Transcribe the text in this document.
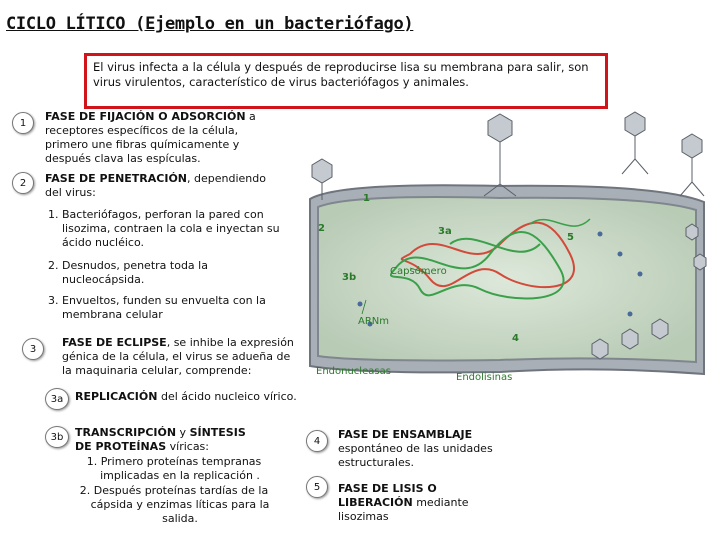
CICLO LÍTICO (Ejemplo en un bacteriófago)
El virus infecta a la célula y después de reproducirse lisa su membrana para salir, son virus virulentos, característico de virus bacteriófagos y animales.
1	FASE DE FIJACIÓN O ADSORCIÓN a receptores específicos de la célula, primero une fibras químicamente y después clava las espículas.
2	FASE DE PENETRACIÓN, dependiendo del virus:
1. Bacteriófagos, perforan la pared con lisozima, contraen la cola e inyectan su ácido nucléico.
2. Desnudos, penetra toda la nucleocápsida.
3. Envueltos, funden su envuelta con la membrana celular
3	FASE DE ECLIPSE, se inhibe la expresión génica de la célula, el virus se adueña de la maquinaria celular, comprende:
3a	REPLICACIÓN del ácido nucleico vírico.
3b	TRANSCRIPCIÓN y SÍNTESIS DE PROTEÍNAS víricas:
1. Primero proteínas tempranas implicadas en la replicación .
2. Después proteínas tardías de la cápsida y enzimas líticas para la salida.
4	FASE DE ENSAMBLAJE espontáneo de las unidades estructurales.
5	FASE DE LISIS O LIBERACIÓN mediante lisozimas
1
2	3a
3b
4
5
Capsómero
ARNm
Endonucleasas
Endolisinas
